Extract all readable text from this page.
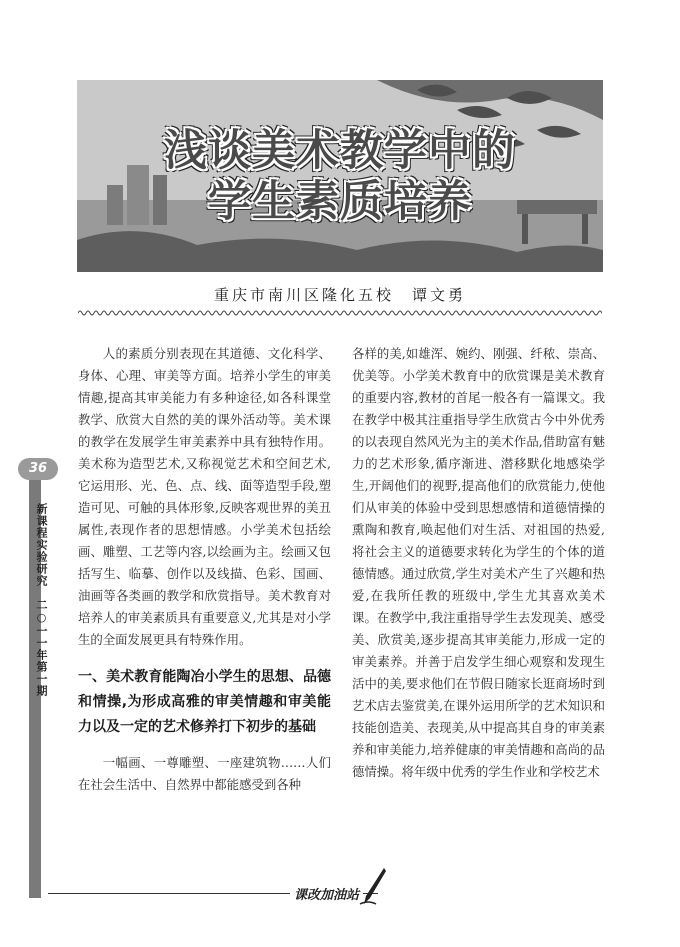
浅谈美术教学中的
学生素质培养
重庆市南川区隆化五校　谭文勇

人的素质分别表现在其道德、文化科学、身体、心理、审美等方面。培养小学生的审美情趣,提高其审美能力有多种途径,如各科课堂教学、欣赏大自然的美的课外活动等。美术课的教学在发展学生审美素养中具有独特作用。美术称为造型艺术,又称视觉艺术和空间艺术,它运用形、光、色、点、线、面等造型手段,塑造可见、可触的具体形象,反映客观世界的美丑属性,表现作者的思想情感。小学美术包括绘画、雕塑、工艺等内容,以绘画为主。绘画又包括写生、临摹、创作以及线描、色彩、国画、油画等各类画的教学和欣赏指导。美术教育对培养人的审美素质具有重要意义,尤其是对小学生的全面发展更具有特殊作用。

一、美术教育能陶冶小学生的思想、品德和情操,为形成高雅的审美情趣和审美能力以及一定的艺术修养打下初步的基础

一幅画、一尊雕塑、一座建筑物……人们在社会生活中、自然界中都能感受到各种

各样的美,如雄浑、婉约、刚强、纤秾、崇高、优美等。小学美术教育中的欣赏课是美术教育的重要内容,教材的首尾一般各有一篇课文。我在教学中极其注重指导学生欣赏古今中外优秀的以表现自然风光为主的美术作品,借助富有魅力的艺术形象,循序渐进、潜移默化地感染学生,开阔他们的视野,提高他们的欣赏能力,使他们从审美的体验中受到思想感情和道德情操的熏陶和教育,唤起他们对生活、对祖国的热爱,将社会主义的道德要求转化为学生的个体的道德情感。通过欣赏,学生对美术产生了兴趣和热爱,在我所任教的班级中,学生尤其喜欢美术课。在教学中,我注重指导学生去发现美、感受美、欣赏美,逐步提高其审美能力,形成一定的审美素养。并善于启发学生细心观察和发现生活中的美,要求他们在节假日随家长逛商场时到艺术店去鉴赏美,在课外运用所学的艺术知识和技能创造美、表现美,从中提高其自身的审美素养和审美能力,培养健康的审美情趣和高尚的品德情操。将年级中优秀的学生作业和学校艺术

36
新课程实验研究　二○一一年第一期
课改加油站
